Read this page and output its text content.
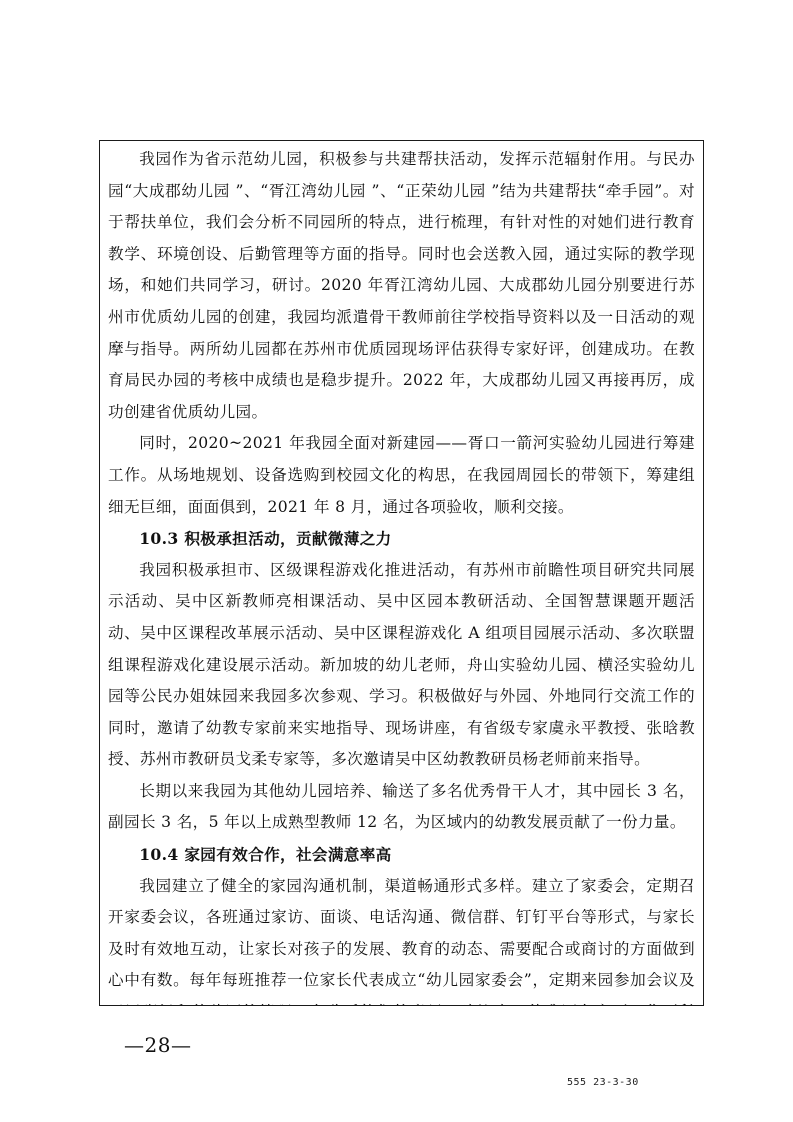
我园作为省示范幼儿园，积极参与共建帮扶活动，发挥示范辐射作用。与民办园“大成郡幼儿园 ”、“胥江湾幼儿园 ”、“正荣幼儿园 ”结为共建帮扶“牵手园”。对于帮扶单位，我们会分析不同园所的特点，进行梳理，有针对性的对她们进行教育教学、环境创设、后勤管理等方面的指导。同时也会送教入园，通过实际的教学现场，和她们共同学习，研讨。2020 年胥江湾幼儿园、大成郡幼儿园分别要进行苏州市优质幼儿园的创建，我园均派遣骨干教师前往学校指导资料以及一日活动的观摩与指导。两所幼儿园都在苏州市优质园现场评估获得专家好评，创建成功。在教育局民办园的考核中成绩也是稳步提升。2022 年，大成郡幼儿园又再接再厉，成功创建省优质幼儿园。

同时，2020~2021 年我园全面对新建园——胥口一箭河实验幼儿园进行筹建工作。从场地规划、设备选购到校园文化的构思，在我园周园长的带领下，筹建组细无巨细，面面俱到，2021 年 8 月，通过各项验收，顺利交接。

10.3 积极承担活动，贡献微薄之力

我园积极承担市、区级课程游戏化推进活动，有苏州市前瞻性项目研究共同展示活动、吴中区新教师亮相课活动、吴中区园本教研活动、全国智慧课题开题活动、吴中区课程改革展示活动、吴中区课程游戏化 A 组项目园展示活动、多次联盟组课程游戏化建设展示活动。新加坡的幼儿老师，舟山实验幼儿园、横泾实验幼儿园等公民办姐妹园来我园多次参观、学习。积极做好与外园、外地同行交流工作的同时，邀请了幼教专家前来实地指导、现场讲座，有省级专家虞永平教授、张晗教授、苏州市教研员戈柔专家等，多次邀请吴中区幼教教研员杨老师前来指导。

长期以来我园为其他幼儿园培养、输送了多名优秀骨干人才，其中园长 3 名，副园长 3 名，5 年以上成熟型教师 12 名，为区域内的幼教发展贡献了一份力量。

10.4 家园有效合作，社会满意率高

我园建立了健全的家园沟通机制，渠道畅通形式多样。建立了家委会，定期召开家委会议，各班通过家访、面谈、电话沟通、微信群、钉钉平台等形式，与家长及时有效地互动，让家长对孩子的发展、教育的动态、需要配合或商讨的方面做到心中有数。每年每班推荐一位家长代表成立“幼儿园家委会”，定期来园参加会议及

—28—
555 23-3-30
